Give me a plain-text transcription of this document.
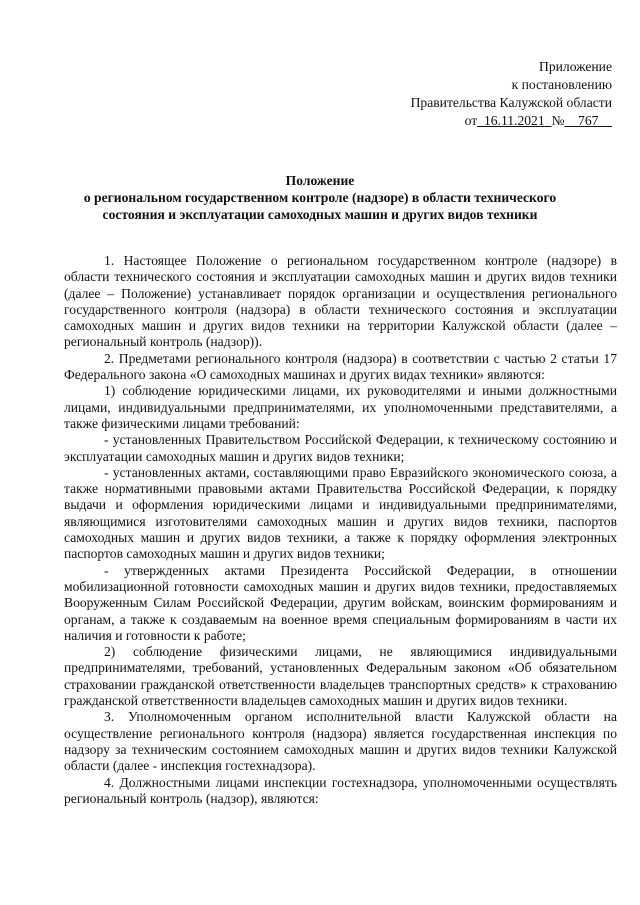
Приложение
к постановлению
Правительства Калужской области
от 16.11.2021 № 767
Положение
о региональном государственном контроле (надзоре) в области технического
состояния и эксплуатации самоходных машин и других видов техники

1. Настоящее Положение о региональном государственном контроле (надзоре) в области технического состояния и эксплуатации самоходных машин и других видов техники (далее – Положение) устанавливает порядок организации и осуществления регионального государственного контроля (надзора) в области технического состояния и эксплуатации самоходных машин и других видов техники на территории Калужской области (далее – региональный контроль (надзор)).

2. Предметами регионального контроля (надзора) в соответствии с частью 2 статьи 17 Федерального закона «О самоходных машинах и других видах техники» являются:

1) соблюдение юридическими лицами, их руководителями и иными должностными лицами, индивидуальными предпринимателями, их уполномоченными представителями, а также физическими лицами требований:

- установленных Правительством Российской Федерации, к техническому состоянию и эксплуатации самоходных машин и других видов техники;

- установленных актами, составляющими право Евразийского экономического союза, а также нормативными правовыми актами Правительства Российской Федерации, к порядку выдачи и оформления юридическими лицами и индивидуальными предпринимателями, являющимися изготовителями самоходных машин и других видов техники, паспортов самоходных машин и других видов техники, а также к порядку оформления электронных паспортов самоходных машин и других видов техники;

- утвержденных актами Президента Российской Федерации, в отношении мобилизационной готовности самоходных машин и других видов техники, предоставляемых Вооруженным Силам Российской Федерации, другим войскам, воинским формированиям и органам, а также к создаваемым на военное время специальным формированиям в части их наличия и готовности к работе;

2) соблюдение физическими лицами, не являющимися индивидуальными предпринимателями, требований, установленных Федеральным законом «Об обязательном страховании гражданской ответственности владельцев транспортных средств» к страхованию гражданской ответственности владельцев самоходных машин и других видов техники.

3. Уполномоченным органом исполнительной власти Калужской области на осуществление регионального контроля (надзора) является государственная инспекция по надзору за техническим состоянием самоходных машин и других видов техники Калужской области (далее - инспекция гостехнадзора).

4. Должностными лицами инспекции гостехнадзора, уполномоченными осуществлять региональный контроль (надзор), являются:
